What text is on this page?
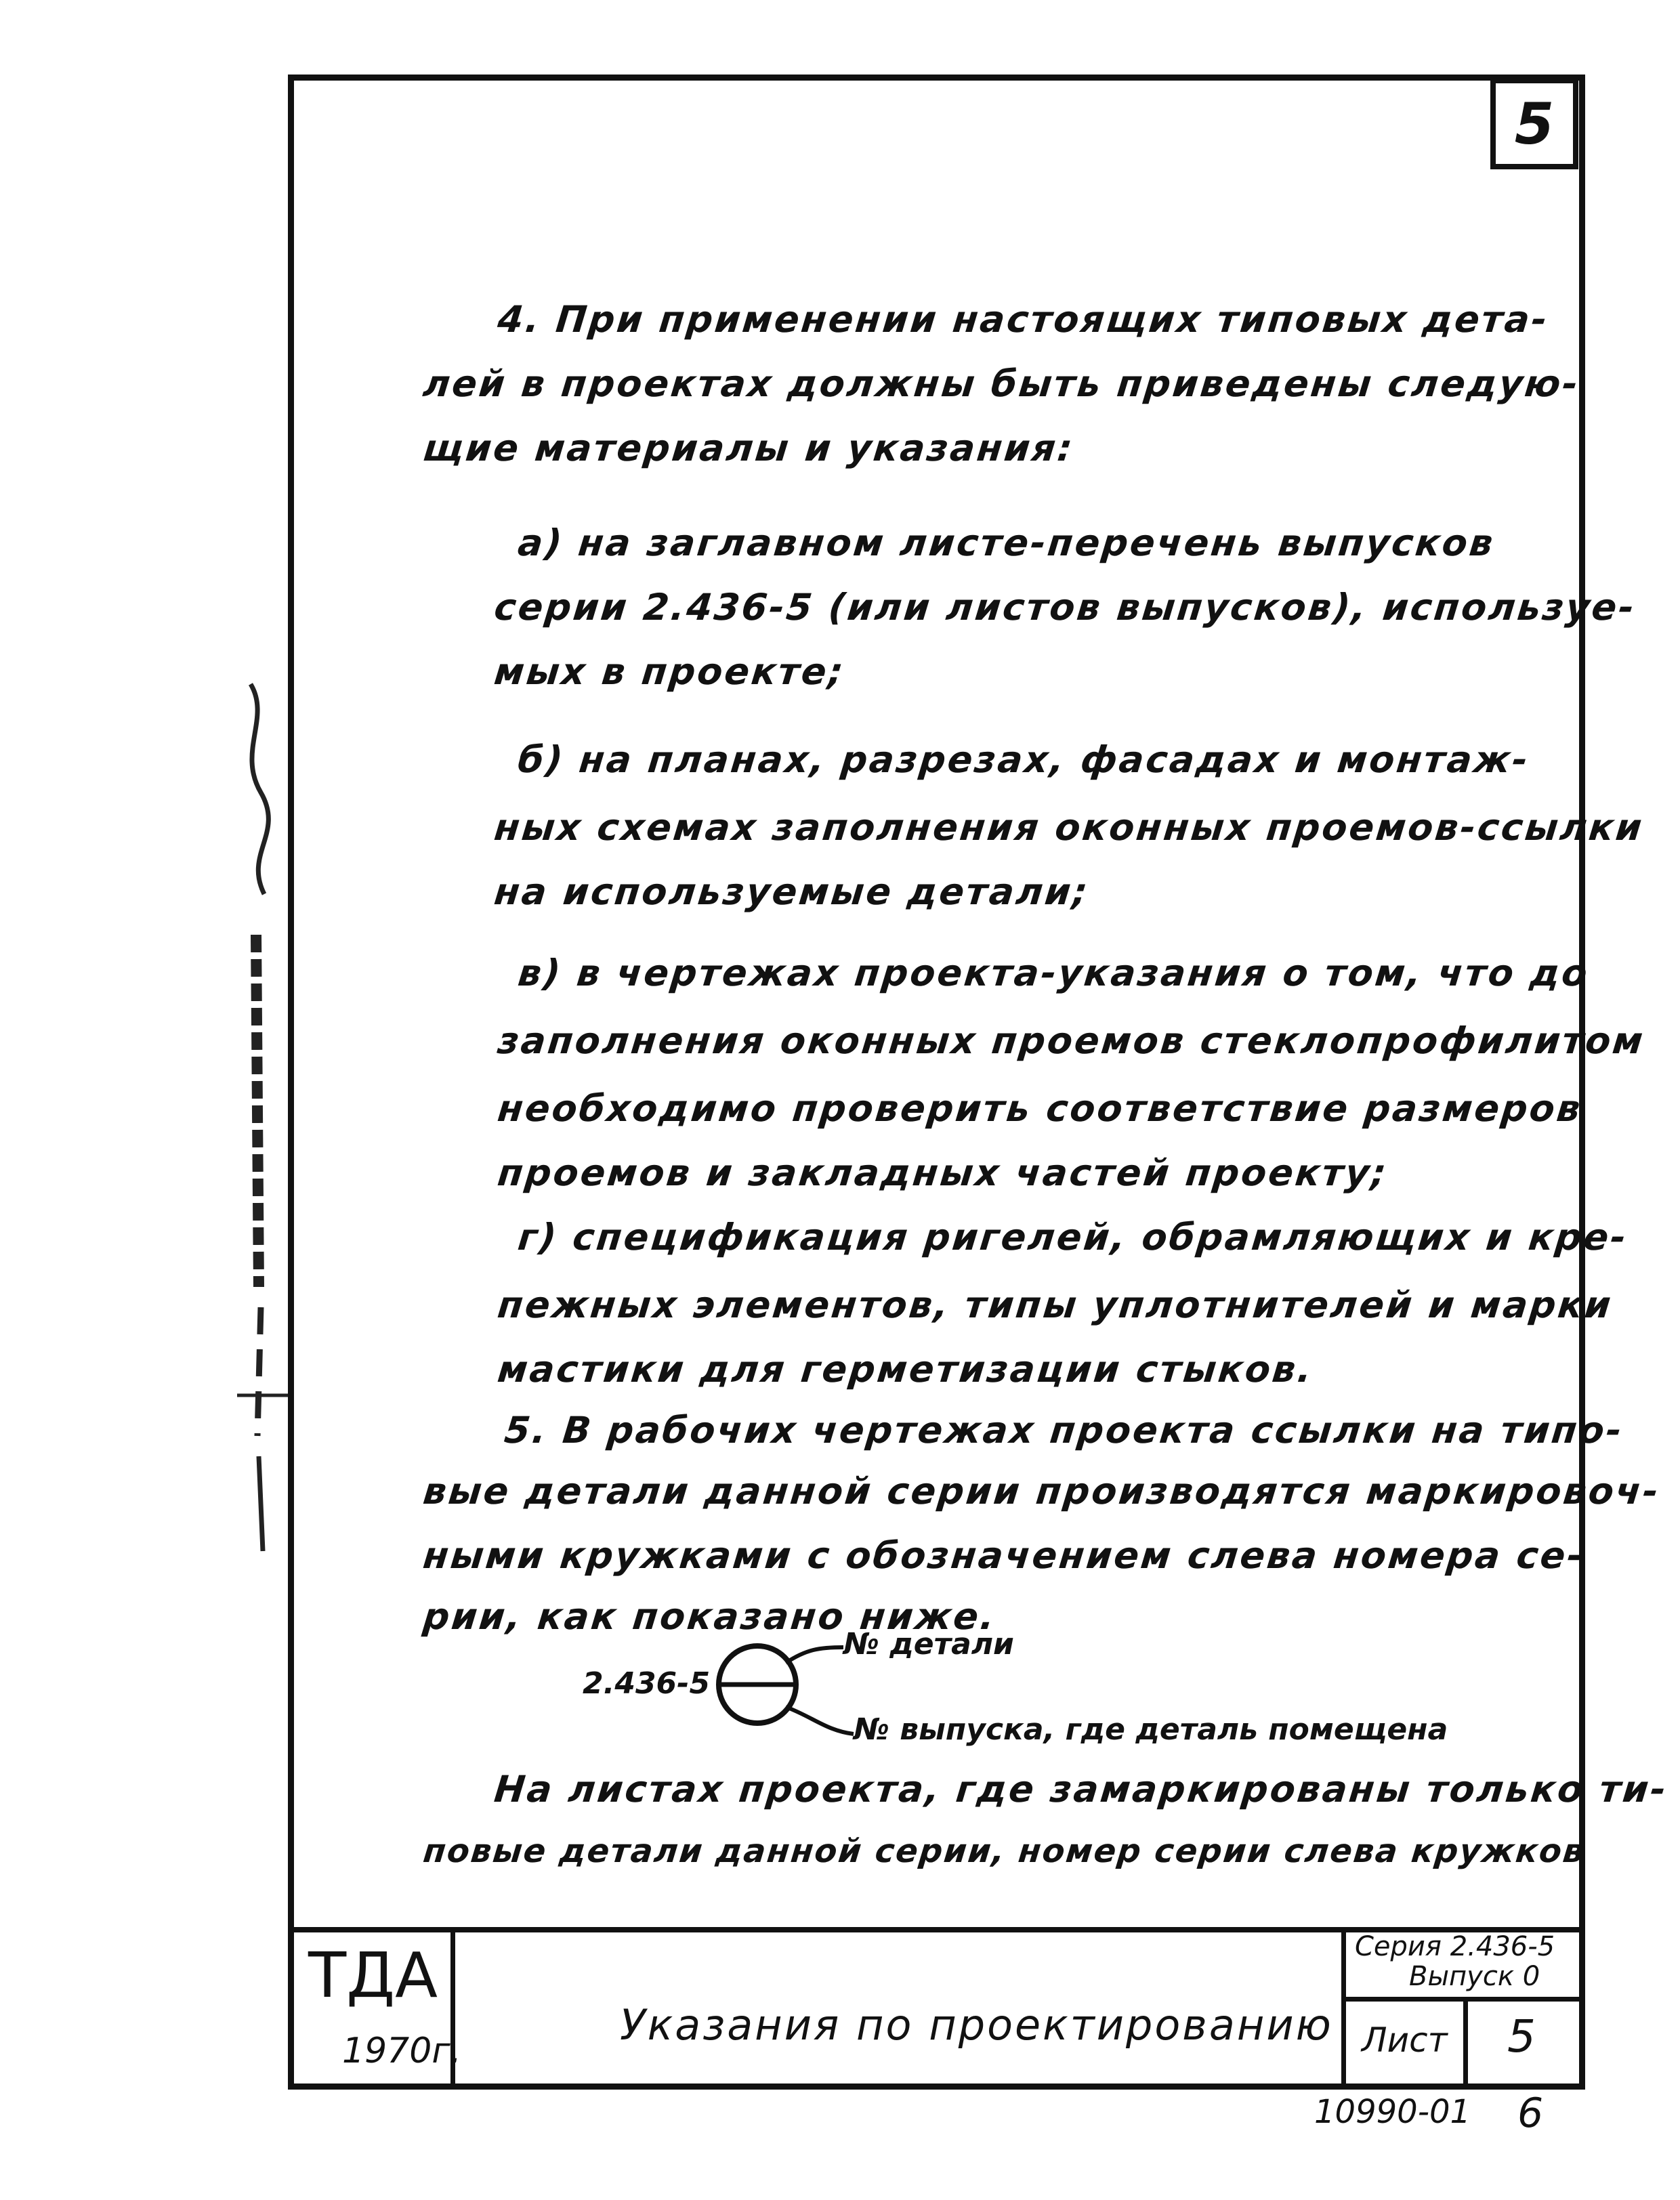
5
4. При применении настоящих типовых дета-
лей в проектах должны быть приведены следую-
щие материалы и указания:
а) на заглавном листе-перечень выпусков
серии 2.436-5 (или листов выпусков), используе-
мых в проекте;
б) на планах, разрезах, фасадах и монтаж-
ных схемах заполнения оконных проемов-ссылки
на используемые детали;
в) в чертежах проекта-указания о том, что до
заполнения оконных проемов стеклопрофилитом
необходимо проверить соответствие размеров
проемов и закладных частей проекту;
г) спецификация ригелей, обрамляющих и кре-
пежных элементов, типы уплотнителей и марки
мастики для герметизации стыков.
5. В рабочих чертежах проекта ссылки на типо-
вые детали данной серии производятся маркировоч-
ными кружками с обозначением слева номера се-
рии, как показано ниже.
2.436-5
№ детали
№ выпуска, где деталь помещена
На листах проекта, где замаркированы только ти-
повые детали данной серии, номер серии слева кружков
ТДА
1970г.
Указания по проектированию
Серия 2.436-5
Выпуск 0
Лист 5
10990-01 6
